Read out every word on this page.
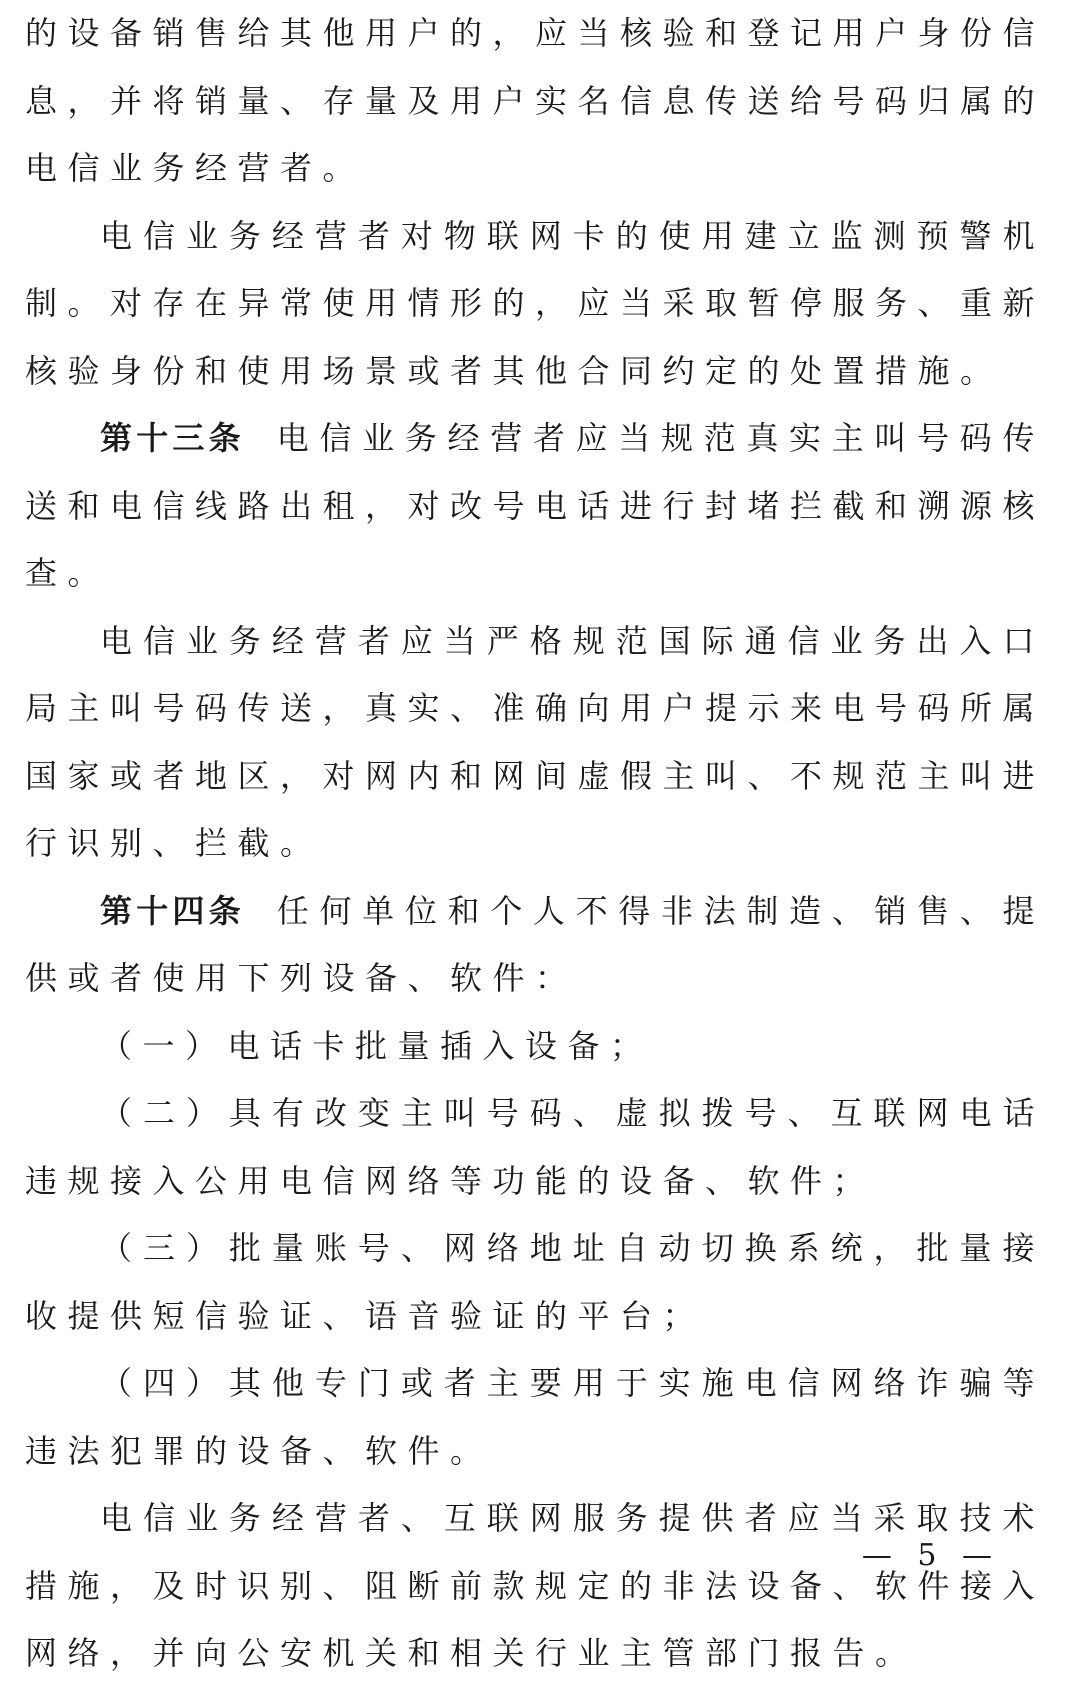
的设备销售给其他用户的，应当核验和登记用户身份信息，并将销量、存量及用户实名信息传送给号码归属的电信业务经营者。

电信业务经营者对物联网卡的使用建立监测预警机制。对存在异常使用情形的，应当采取暂停服务、重新核验身份和使用场景或者其他合同约定的处置措施。

第十三条 电信业务经营者应当规范真实主叫号码传送和电信线路出租，对改号电话进行封堵拦截和溯源核查。

电信业务经营者应当严格规范国际通信业务出入口局主叫号码传送，真实、准确向用户提示来电号码所属国家或者地区，对网内和网间虚假主叫、不规范主叫进行识别、拦截。

第十四条 任何单位和个人不得非法制造、销售、提供或者使用下列设备、软件：

（一）电话卡批量插入设备；

（二）具有改变主叫号码、虚拟拨号、互联网电话违规接入公用电信网络等功能的设备、软件；

（三）批量账号、网络地址自动切换系统，批量接收提供短信验证、语音验证的平台；

（四）其他专门或者主要用于实施电信网络诈骗等违法犯罪的设备、软件。

电信业务经营者、互联网服务提供者应当采取技术措施，及时识别、阻断前款规定的非法设备、软件接入网络，并向公安机关和相关行业主管部门报告。

— 5 —
